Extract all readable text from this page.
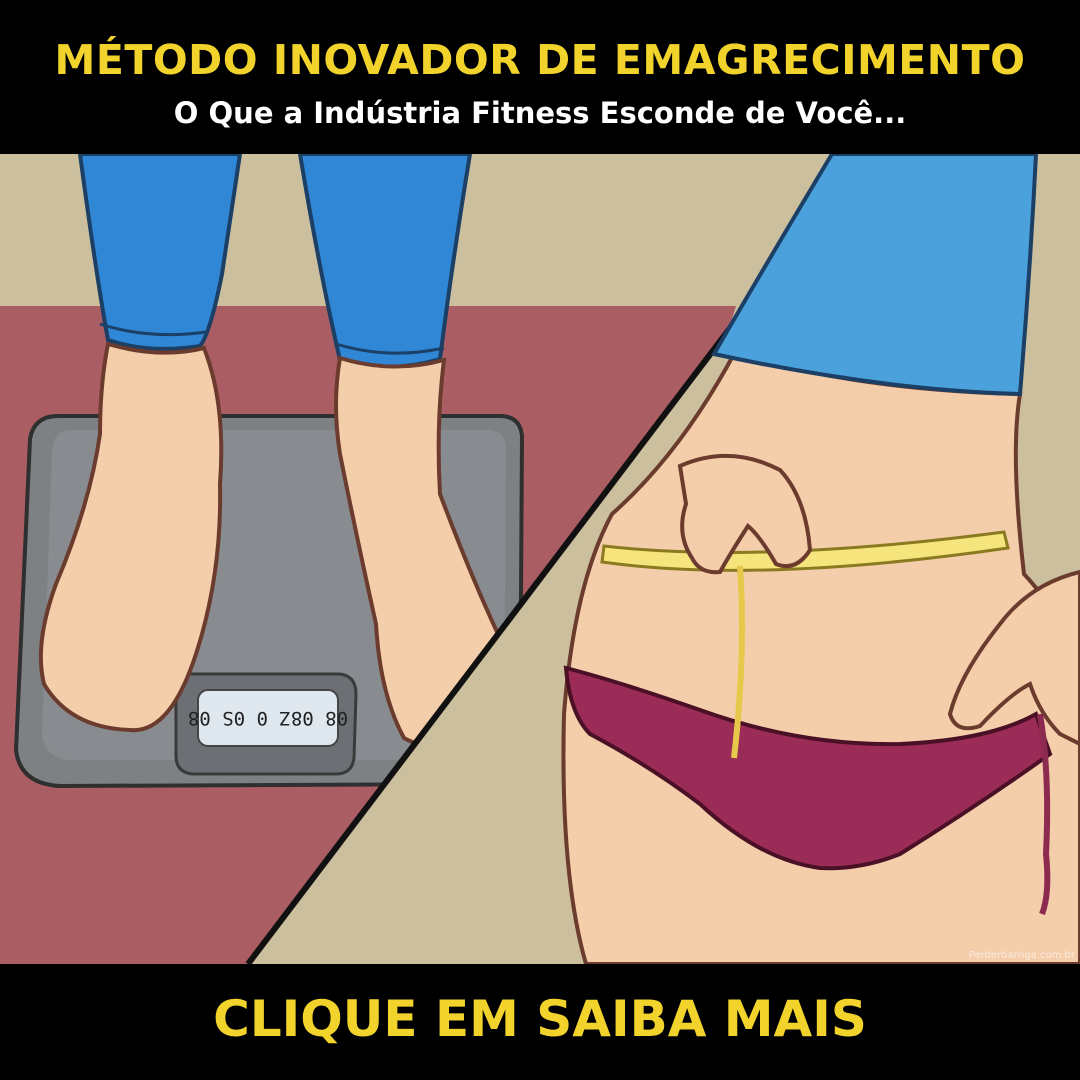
MÉTODO INOVADOR DE EMAGRECIMENTO
O Que a Indústria Fitness Esconde de Você...
08 08Z 0 0S 08
Perderbarriga.com.br
CLIQUE EM SAIBA MAIS
